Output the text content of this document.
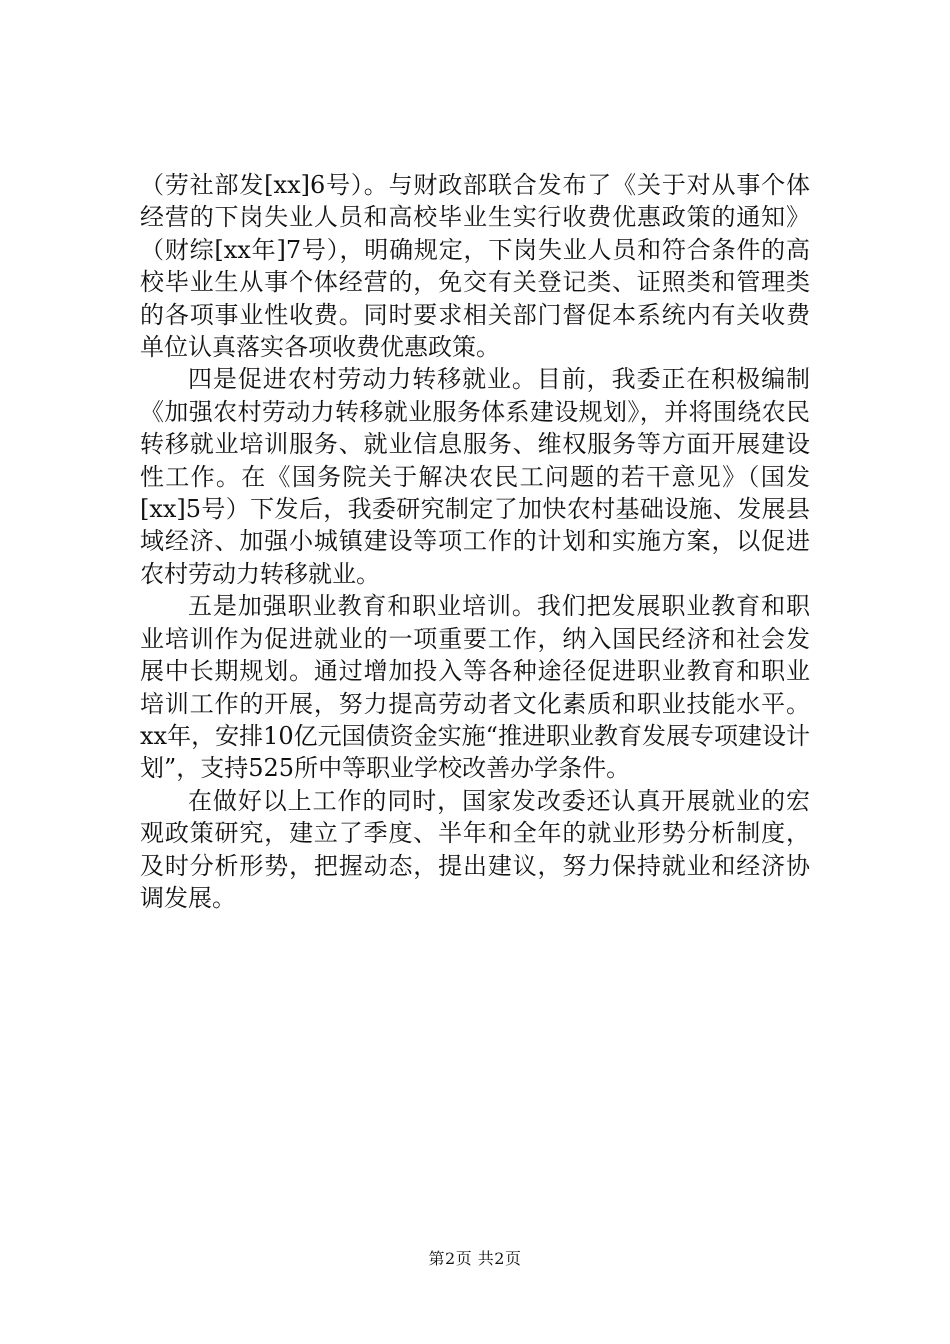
（劳社部发[xx]6号）。与财政部联合发布了《关于对从事个体经营的下岗失业人员和高校毕业生实行收费优惠政策的通知》（财综[xx年]7号），明确规定，下岗失业人员和符合条件的高校毕业生从事个体经营的，免交有关登记类、证照类和管理类的各项事业性收费。同时要求相关部门督促本系统内有关收费单位认真落实各项收费优惠政策。

四是促进农村劳动力转移就业。目前，我委正在积极编制《加强农村劳动力转移就业服务体系建设规划》，并将围绕农民转移就业培训服务、就业信息服务、维权服务等方面开展建设性工作。在《国务院关于解决农民工问题的若干意见》（国发[xx]5号）下发后，我委研究制定了加快农村基础设施、发展县域经济、加强小城镇建设等项工作的计划和实施方案，以促进农村劳动力转移就业。

五是加强职业教育和职业培训。我们把发展职业教育和职业培训作为促进就业的一项重要工作，纳入国民经济和社会发展中长期规划。通过增加投入等各种途径促进职业教育和职业培训工作的开展，努力提高劳动者文化素质和职业技能水平。xx年，安排10亿元国债资金实施“推进职业教育发展专项建设计划”，支持525所中等职业学校改善办学条件。

在做好以上工作的同时，国家发改委还认真开展就业的宏观政策研究，建立了季度、半年和全年的就业形势分析制度，及时分析形势，把握动态，提出建议，努力保持就业和经济协调发展。

第2页 共2页
